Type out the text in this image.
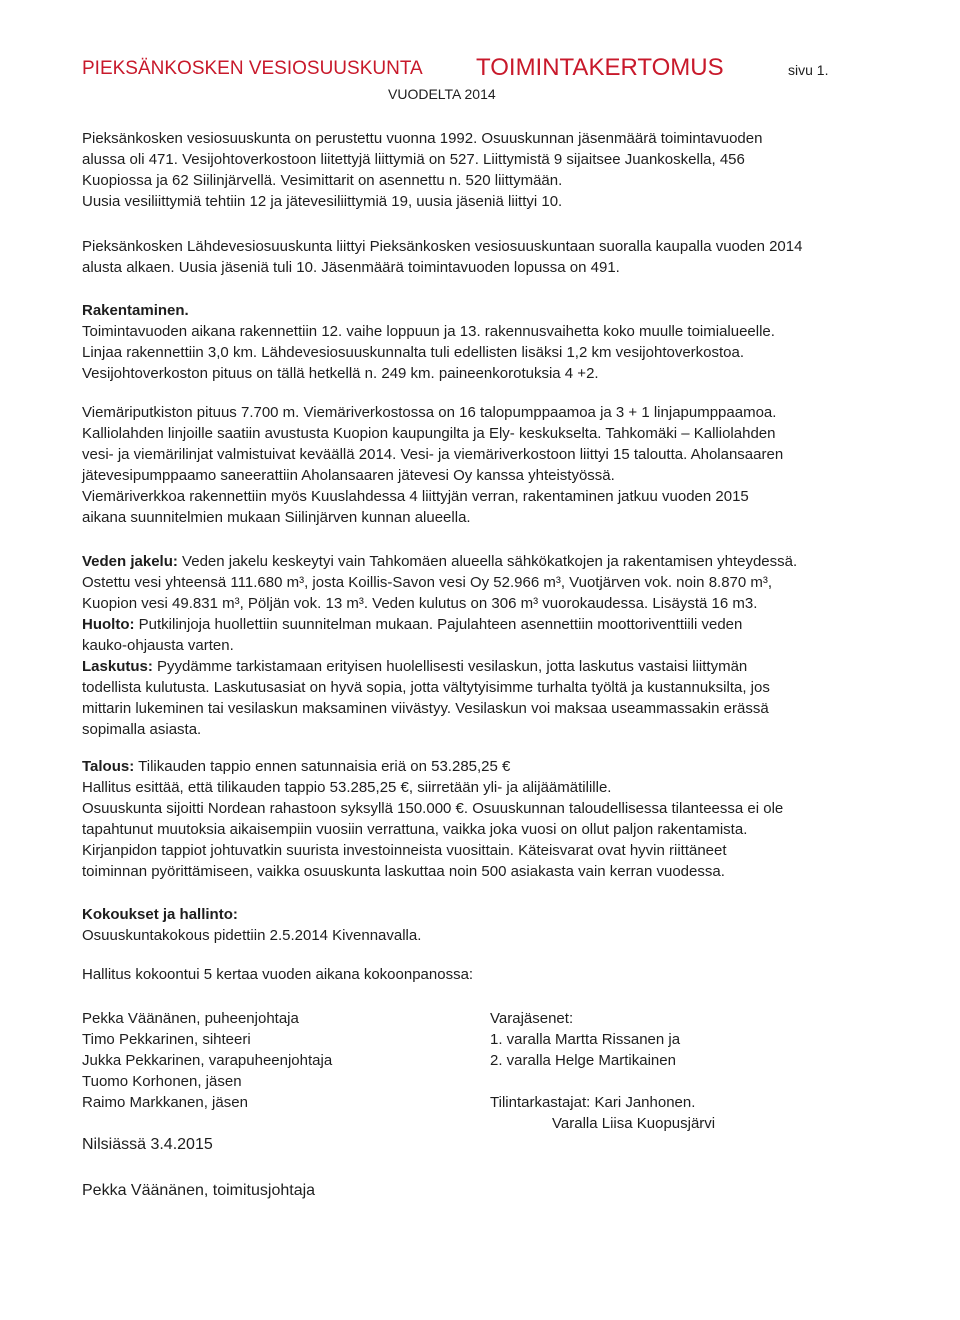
PIEKSÄNKOSKEN VESIOSUUSKUNTA TOIMINTAKERTOMUS	sivu 1.
VUODELTA 2014

Pieksänkosken vesiosuuskunta on perustettu vuonna 1992. Osuuskunnan jäsenmäärä toimintavuoden

alussa oli 471. Vesijohtoverkostoon liitettyjä liittymiä on 527. Liittymistä 9 sijaitsee Juankoskella, 456

Kuopiossa ja 62 Siilinjärvellä. Vesimittarit on asennettu n. 520 liittymään.

Uusia vesiliittymiä tehtiin 12 ja jätevesiliittymiä 19, uusia jäseniä liittyi 10.

Pieksänkosken Lähdevesiosuuskunta liittyi Pieksänkosken vesiosuuskuntaan suoralla kaupalla vuoden 2014

alusta alkaen. Uusia jäseniä tuli 10. Jäsenmäärä toimintavuoden lopussa on 491.

Rakentaminen.

Toimintavuoden aikana rakennettiin 12. vaihe loppuun ja 13. rakennusvaihetta koko muulle toimialueelle.

Linjaa rakennettiin 3,0 km. Lähdevesiosuuskunnalta tuli edellisten lisäksi 1,2 km vesijohtoverkostoa.

Vesijohtoverkoston pituus on tällä hetkellä n. 249 km. paineenkorotuksia 4 +2.

Viemäriputkiston pituus 7.700 m. Viemäriverkostossa on 16 talopumppaamoa ja 3 + 1 linjapumppaamoa.

Kalliolahden linjoille saatiin avustusta Kuopion kaupungilta ja Ely- keskukselta. Tahkomäki – Kalliolahden

vesi- ja viemärilinjat valmistuivat keväällä 2014. Vesi- ja viemäriverkostoon liittyi 15 taloutta. Aholansaaren

jätevesipumppaamo saneerattiin Aholansaaren jätevesi Oy kanssa yhteistyössä.

Viemäriverkkoa rakennettiin myös Kuuslahdessa 4 liittyjän verran, rakentaminen jatkuu vuoden 2015

aikana suunnitelmien mukaan Siilinjärven kunnan alueella.

Veden jakelu: Veden jakelu keskeytyi vain Tahkomäen alueella sähkökatkojen ja rakentamisen yhteydessä.

Ostettu vesi yhteensä 111.680 m³, josta Koillis-Savon vesi Oy 52.966 m³, Vuotjärven vok. noin 8.870 m³,

Kuopion vesi 49.831 m³, Pöljän vok. 13 m³. Veden kulutus on 306 m³ vuorokaudessa. Lisäystä 16 m3.

Huolto: Putkilinjoja huollettiin suunnitelman mukaan. Pajulahteen asennettiin moottoriventtiili veden

kauko-ohjausta varten.

Laskutus: Pyydämme tarkistamaan erityisen huolellisesti vesilaskun, jotta laskutus vastaisi liittymän

todellista kulutusta. Laskutusasiat on hyvä sopia, jotta vältytyisimme turhalta työltä ja kustannuksilta, jos

mittarin lukeminen tai vesilaskun maksaminen viivästyy. Vesilaskun voi maksaa useammassakin erässä

sopimalla asiasta.

Talous: Tilikauden tappio ennen satunnaisia eriä on 53.285,25 €

Hallitus esittää, että tilikauden tappio 53.285,25 €, siirretään yli- ja alijäämätilille.

Osuuskunta sijoitti Nordean rahastoon syksyllä 150.000 €. Osuuskunnan taloudellisessa tilanteessa ei ole

tapahtunut muutoksia aikaisempiin vuosiin verrattuna, vaikka joka vuosi on ollut paljon rakentamista.

Kirjanpidon tappiot johtuvatkin suurista investoinneista vuosittain. Käteisvarat ovat hyvin riittäneet

toiminnan pyörittämiseen, vaikka osuuskunta laskuttaa noin 500 asiakasta vain kerran vuodessa.

Kokoukset ja hallinto:

Osuuskuntakokous pidettiin 2.5.2014 Kivennavalla.

Hallitus kokoontui 5 kertaa vuoden aikana kokoonpanossa:

Pekka Väänänen, puheenjohtaja

Timo Pekkarinen, sihteeri

Jukka Pekkarinen, varapuheenjohtaja

Tuomo Korhonen, jäsen

Raimo Markkanen, jäsen

Varajäsenet:

1. varalla Martta Rissanen ja

2. varalla Helge Martikainen

Tilintarkastajat: Kari Janhonen.

Varalla Liisa Kuopusjärvi

Nilsiässä 3.4.2015
Pekka Väänänen, toimitusjohtaja
